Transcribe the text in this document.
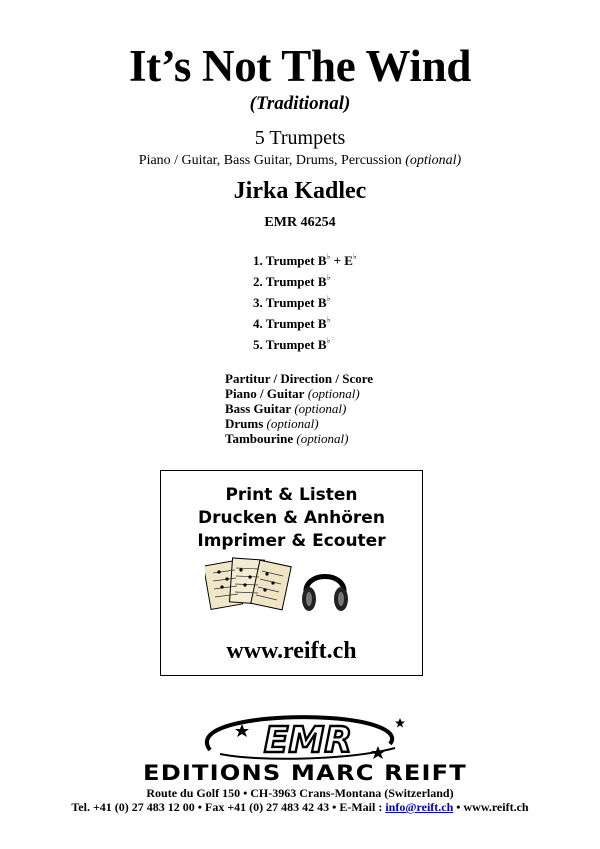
It’s Not The Wind
(Traditional)
5 Trumpets
Piano / Guitar, Bass Guitar, Drums, Percussion (optional)
Jirka Kadlec
EMR 46254
1. Trumpet B♭ + E♭
2. Trumpet B♭
3. Trumpet B♭
4. Trumpet B♭
5. Trumpet B♭
Partitur / Direction / Score
Piano / Guitar (optional)
Bass Guitar (optional)
Drums (optional)
Tambourine (optional)
Print & Listen
Drucken & Anhören
Imprimer & Ecouter
www.reift.ch
EMR
EDITIONS MARC REIFT
Route du Golf 150 • CH-3963 Crans-Montana (Switzerland)
Tel. +41 (0) 27 483 12 00 • Fax +41 (0) 27 483 42 43 • E-Mail : info@reift.ch • www.reift.ch
